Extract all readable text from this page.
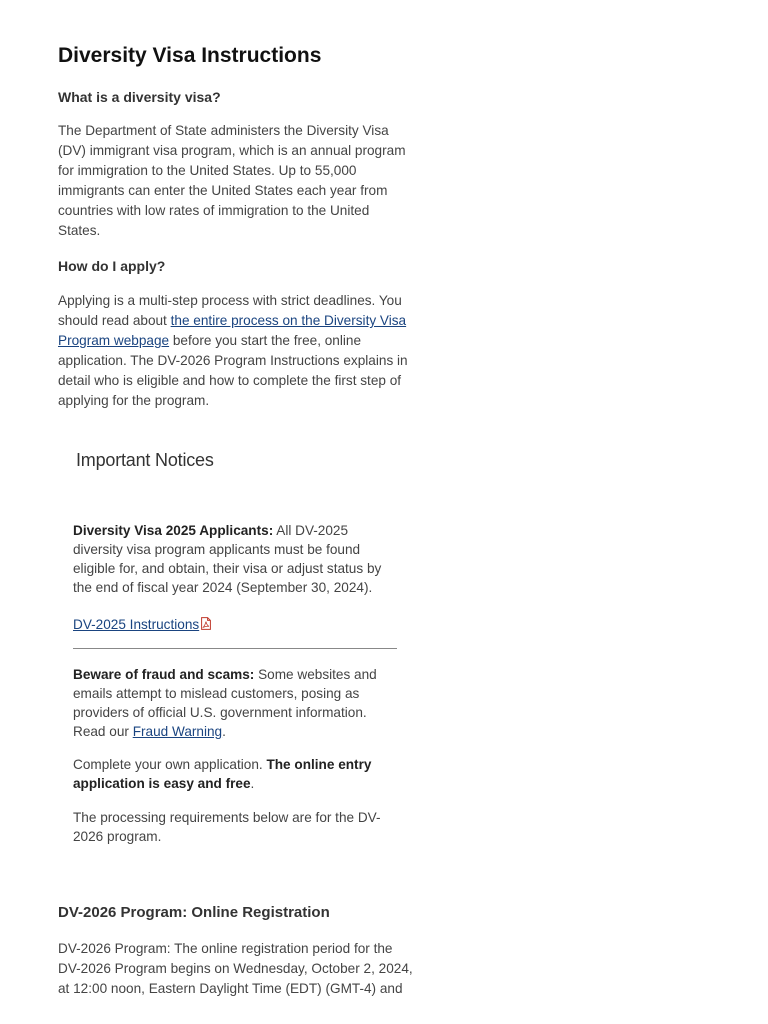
Diversity Visa Instructions
What is a diversity visa?

The Department of State administers the Diversity Visa (DV) immigrant visa program, which is an annual program for immigration to the United States. Up to 55,000 immigrants can enter the United States each year from countries with low rates of immigration to the United States.

How do I apply?

Applying is a multi-step process with strict deadlines. You should read about the entire process on the Diversity Visa Program webpage before you start the free, online application. The DV-2026 Program Instructions explains in detail who is eligible and how to complete the first step of applying for the program.

Important Notices

Diversity Visa 2025 Applicants: All DV-2025 diversity visa program applicants must be found eligible for, and obtain, their visa or adjust status by the end of fiscal year 2024 (September 30, 2024).

DV-2025 Instructions

Beware of fraud and scams: Some websites and emails attempt to mislead customers, posing as providers of official U.S. government information. Read our Fraud Warning.

Complete your own application. The online entry application is easy and free.

The processing requirements below are for the DV-2026 program.

DV-2026 Program: Online Registration

DV-2026 Program: The online registration period for the DV-2026 Program begins on Wednesday, October 2, 2024, at 12:00 noon, Eastern Daylight Time (EDT) (GMT-4) and
